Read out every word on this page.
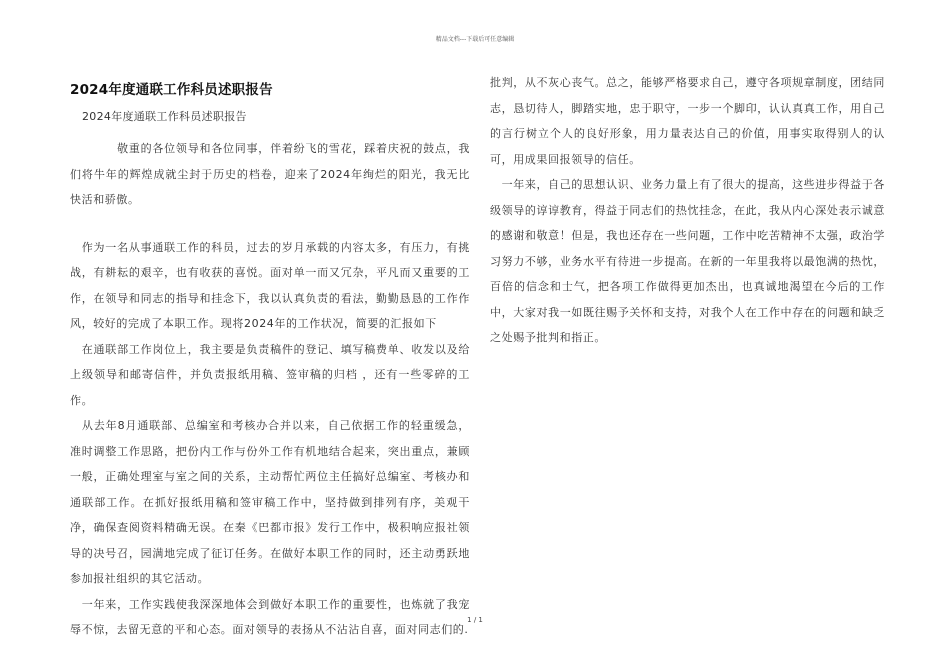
精品文档---下载后可任意编辑
2024年度通联工作科员述职报告
2024年度通联工作科员述职报告

　　　　敬重的各位领导和各位同事，伴着纷飞的雪花，踩着庆祝的鼓点，我们将牛年的辉煌成就尘封于历史的档卷，迎来了2024年绚烂的阳光，我无比快活和骄傲。

　作为一名从事通联工作的科员，过去的岁月承载的内容太多，有压力，有挑战，有耕耘的艰辛，也有收获的喜悦。面对单一而又冗杂，平凡而又重要的工作，在领导和同志的指导和挂念下，我以认真负责的看法，勤勤恳恳的工作作风，较好的完成了本职工作。现将2024年的工作状况，简要的汇报如下

　在通联部工作岗位上，我主要是负责稿件的登记、填写稿费单、收发以及给上级领导和邮寄信件，并负责报纸用稿、签审稿的归档 ，还有一些零碎的工作。

　从去年8月通联部、总编室和考核办合并以来，自己依据工作的轻重缓急，准时调整工作思路，把份内工作与份外工作有机地结合起来，突出重点，兼顾一般，正确处理室与室之间的关系，主动帮忙两位主任搞好总编室、考核办和通联部工作。在抓好报纸用稿和签审稿工作中，坚持做到排列有序，美观干净，确保查阅资料精确无误。在秦《巴都市报》发行工作中，极积响应报社领导的决号召，园满地完成了征订任务。在做好本职工作的同时，还主动勇跃地参加报社组织的其它活动。

　一年来，工作实践使我深深地体会到做好本职工作的重要性，也炼就了我宠辱不惊，去留无意的平和心态。面对领导的表扬从不沾沾自喜，面对同志们的.

批判，从不灰心丧气。总之，能够严格要求自己，遵守各项规章制度，团结同志，恳切待人，脚踏实地，忠于职守，一步一个脚印，认认真真工作，用自己的言行树立个人的良好形象，用力量表达自己的价值，用事实取得别人的认可，用成果回报领导的信任。

　一年来，自己的思想认识、业务力量上有了很大的提高，这些进步得益于各级领导的谆谆教育，得益于同志们的热忱挂念，在此，我从内心深处表示诚意的感谢和敬意！但是，我也还存在一些问题，工作中吃苦精神不太强，政治学习努力不够，业务水平有待进一步提高。在新的一年里我将以最饱满的热忱，百倍的信念和士气，把各项工作做得更加杰出，也真诚地渴望在今后的工作中，大家对我一如既往赐予关怀和支持，对我个人在工作中存在的问题和缺乏之处赐予批判和指正。

1 / 1
